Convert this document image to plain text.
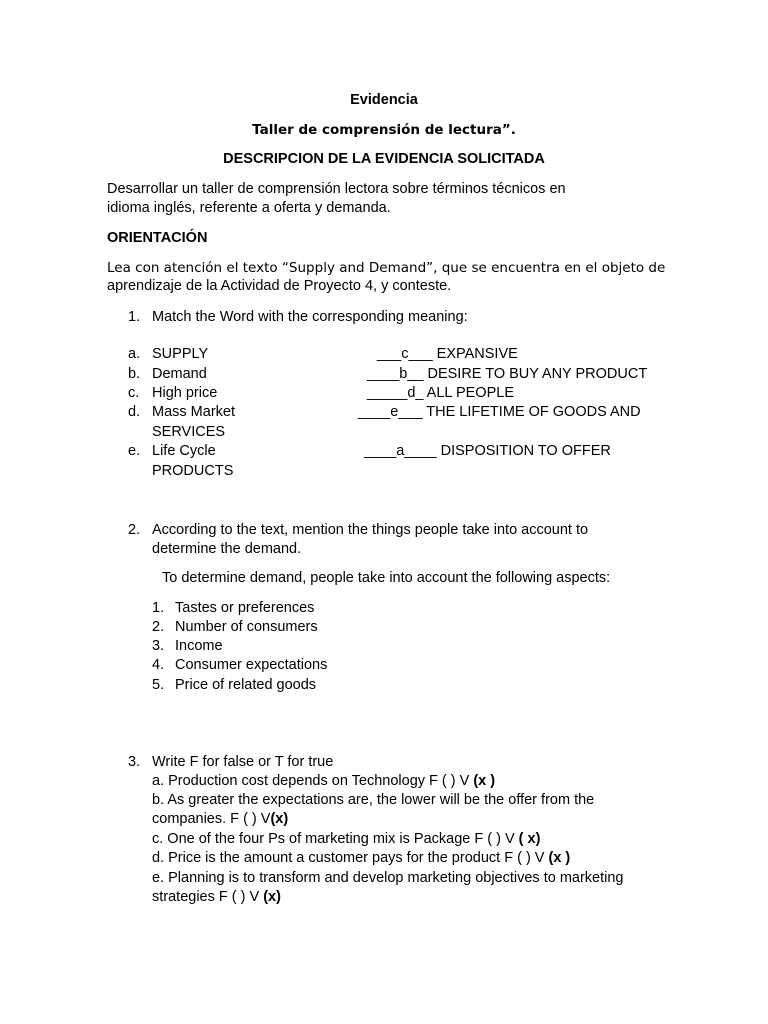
Evidencia
Taller de comprensión de lectura”.
DESCRIPCION DE LA EVIDENCIA SOLICITADA
Desarrollar un taller de comprensión lectora sobre términos técnicos en
idioma inglés, referente a oferta y demanda.
ORIENTACIÓN
Lea con atención el texto “Supply and Demand”, que se encuentra en el objeto de
aprendizaje de la Actividad de Proyecto 4, y conteste.
1. Match the Word with the corresponding meaning:
a. SUPPLY	___c___ EXPANSIVE
b. Demand	____b__ DESIRE TO BUY ANY PRODUCT
c. High price	_____d_ ALL PEOPLE
d. Mass Market	____e___ THE LIFETIME OF GOODS AND
SERVICES
e. Life Cycle	____a____ DISPOSITION TO OFFER
PRODUCTS
2. According to the text, mention the things people take into account to
determine the demand.
To determine demand, people take into account the following aspects:
1. Tastes or preferences
2. Number of consumers
3. Income
4. Consumer expectations
5. Price of related goods
3. Write F for false or T for true
a. Production cost depends on Technology F ( ) V (x )
b. As greater the expectations are, the lower will be the offer from the
companies. F ( ) V(x)
c. One of the four Ps of marketing mix is Package F ( ) V ( x)
d. Price is the amount a customer pays for the product F ( ) V (x )
e. Planning is to transform and develop marketing objectives to marketing
strategies F ( ) V (x)
